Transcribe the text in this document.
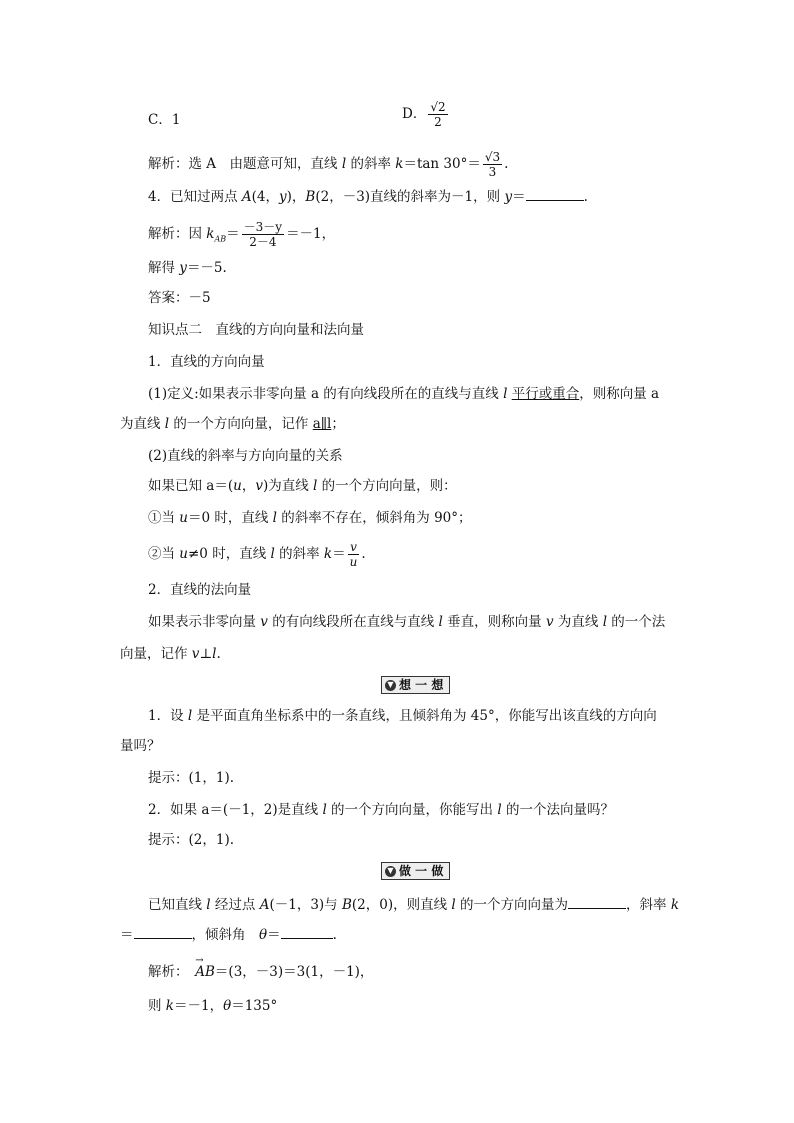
C．1	D． $\frac{√2}{2}$
解析：选 A　由题意可知，直线 l 的斜率 k＝tan $30^\circ= \frac{√3}{3}$ .
4．已知过两点 A(4，y)，B(2，－3)直线的斜率为－1，则 y＝	.
解析：因 $k_{AB}= \frac{-3-y}{2-4} =-1$，
解得 y＝－5.
答案：－5
知识点二　直线的方向向量和法向量
1．直线的方向向量
(1)定义:如果表示非零向量 a 的有向线段所在的直线与直线 l 平行或重合，则称向量 a
为直线 l 的一个方向向量，记作 a∥l；
(2)直线的斜率与方向向量的关系
如果已知 a＝(u，v)为直线 l 的一个方向向量，则：
①当 u＝0 时，直线 l 的斜率不存在，倾斜角为 90°；
②当 u≠0 时，直线 l 的斜率 $k= \frac{v}{u}$ .
2．直线的法向量
如果表示非零向量 v 的有向线段所在直线与直线 l 垂直，则称向量 v 为直线 l 的一个法
向量，记作 v⊥l.
▼ 想 一 想
1．设 l 是平面直角坐标系中的一条直线，且倾斜角为 45°，你能写出该直线的方向向
量吗？
提示：(1，1).
2．如果 a＝(－1，2)是直线 l 的一个方向向量，你能写出 l 的一个法向量吗？
提示：(2，1).
▼ 做 一 做
已知直线 l 经过点 A(－1，3)与 B(2，0)，则直线 l 的一个方向向量为	，斜率 k
＝	，倾斜角　θ＝	.
解析：　→ AB＝(3，－3)＝3(1，－1)，
则 k＝－1，θ＝135°
